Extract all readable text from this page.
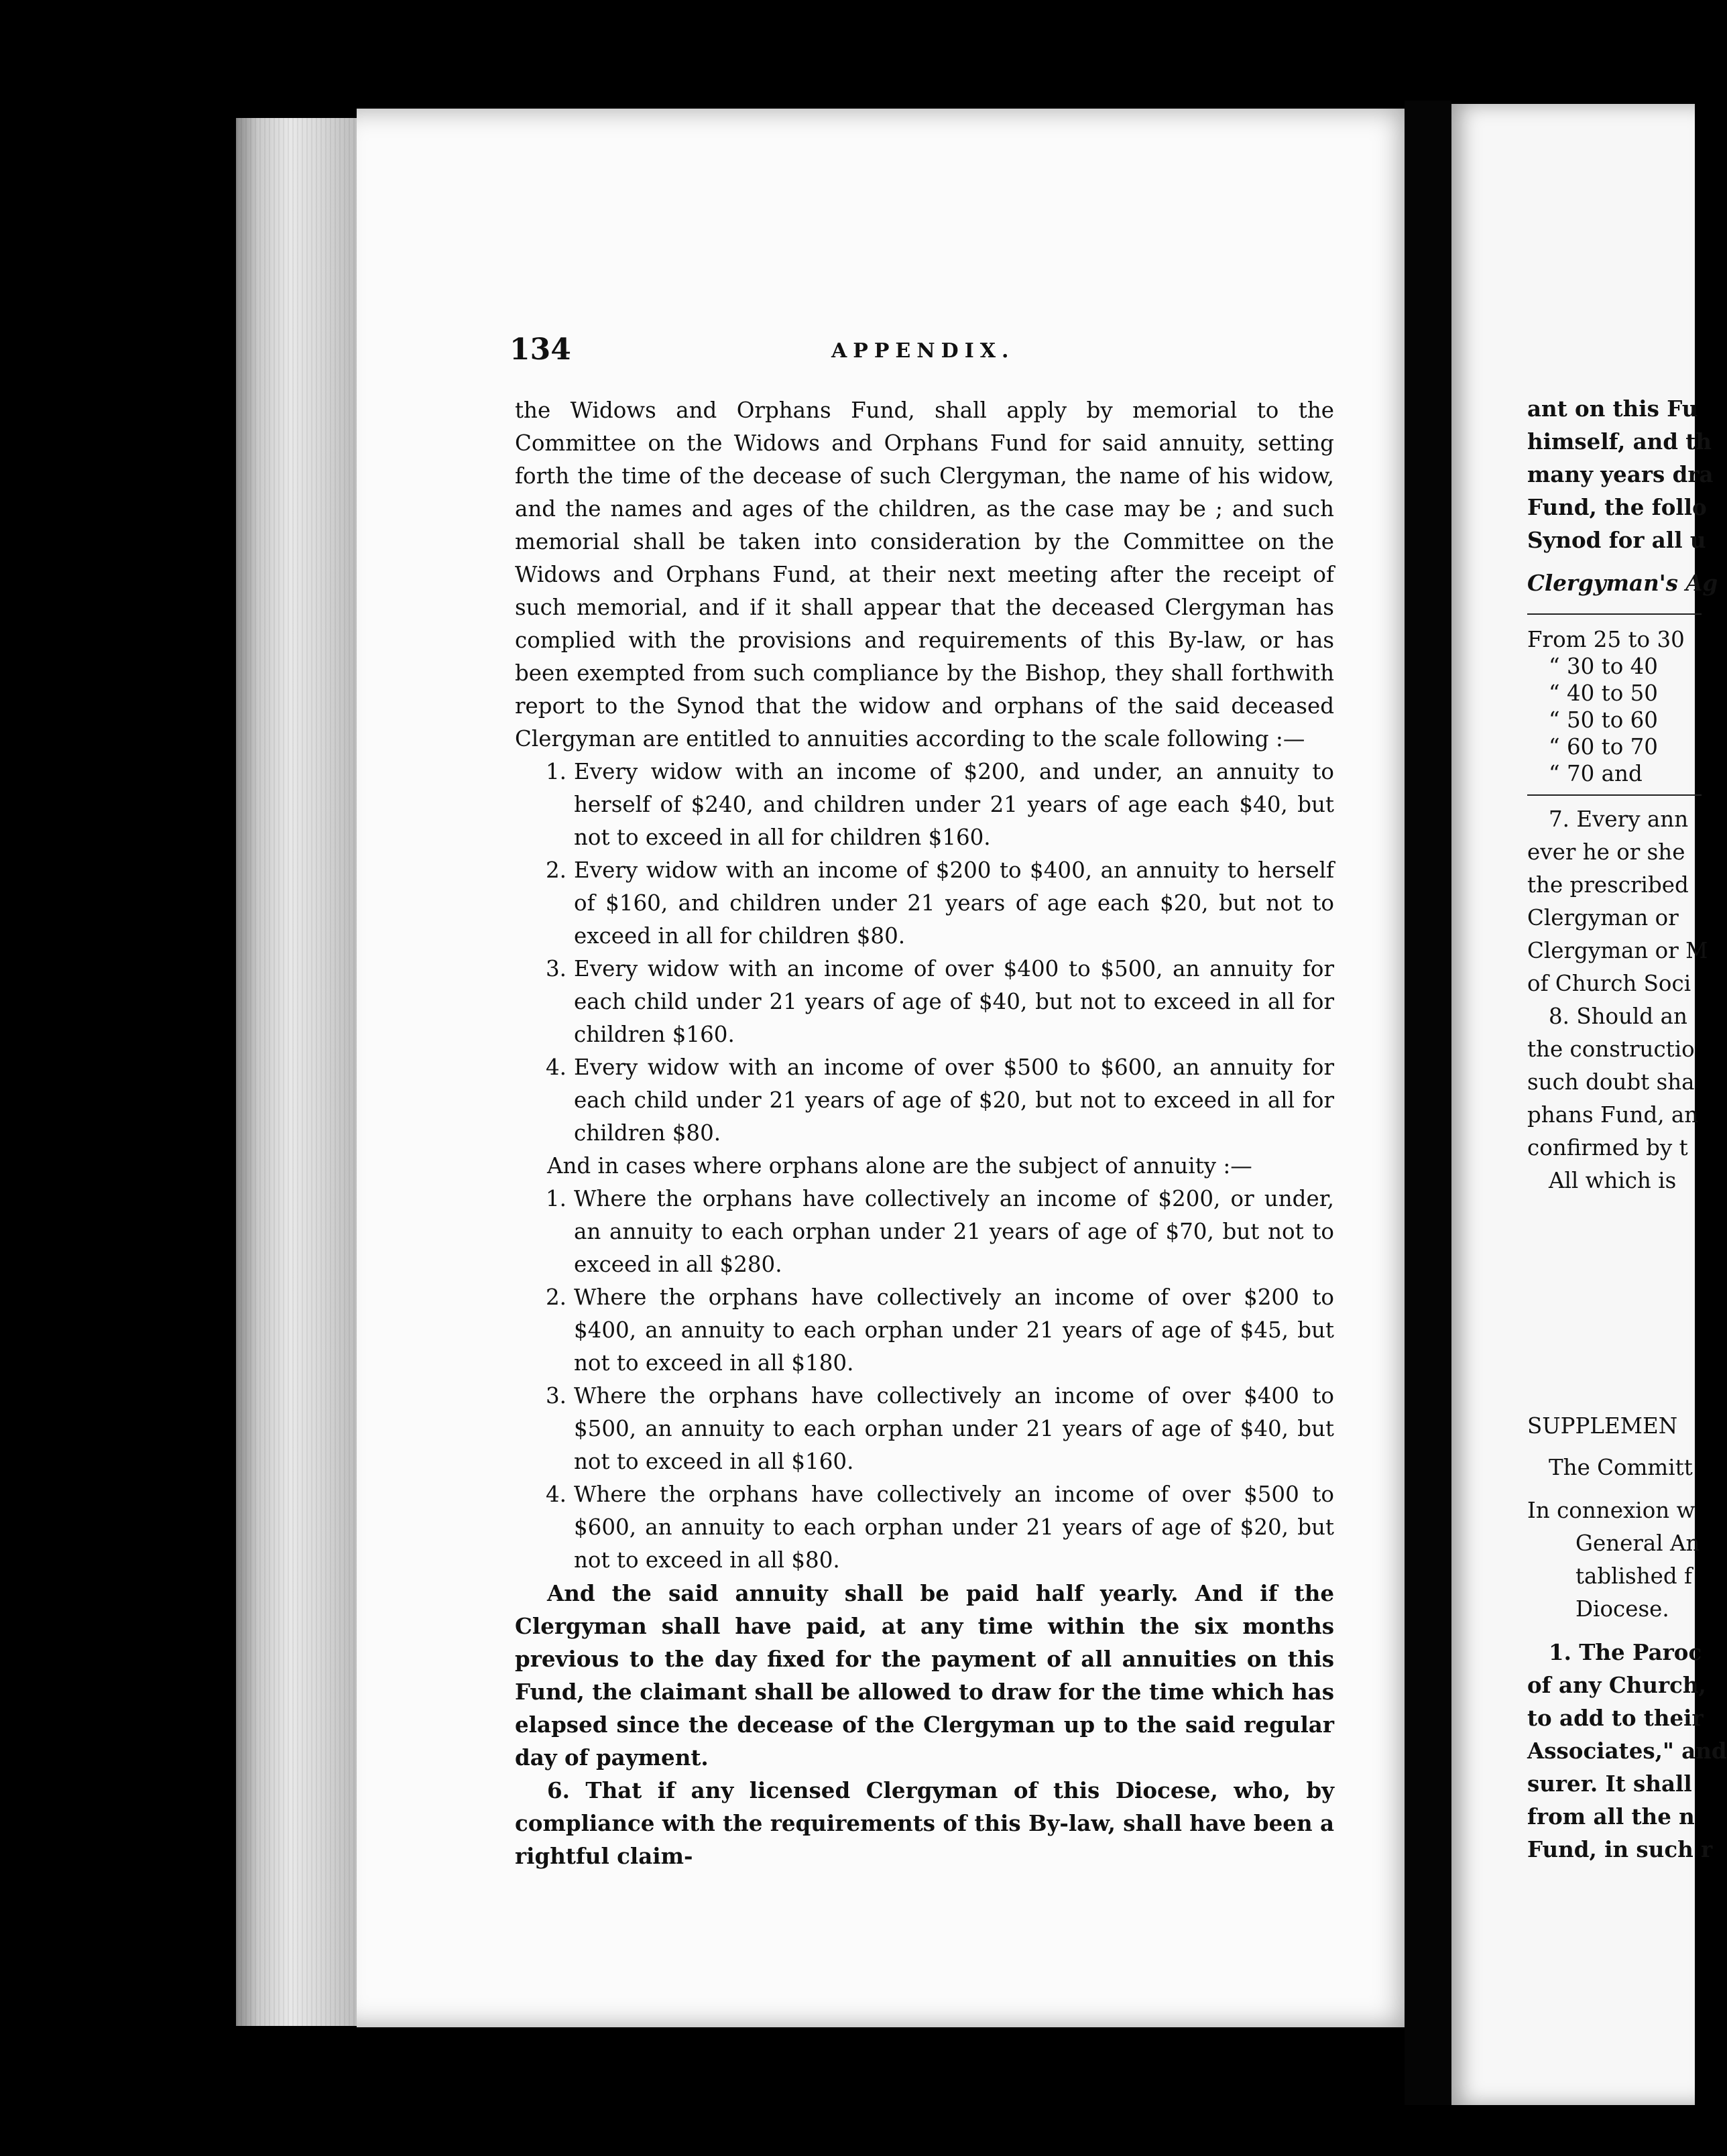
134	APPENDIX.

the Widows and Orphans Fund, shall apply by memorial to the Committee on the Widows and Orphans Fund for said annuity, setting forth the time of the decease of such Clergyman, the name of his widow, and the names and ages of the children, as the case may be ; and such memorial shall be taken into consideration by the Committee on the Widows and Orphans Fund, at their next meeting after the receipt of such memorial, and if it shall appear that the deceased Clergyman has complied with the provisions and requirements of this By-law, or has been exempted from such compliance by the Bishop, they shall forthwith report to the Synod that the widow and orphans of the said deceased Clergyman are entitled to annuities according to the scale following :—

1. Every widow with an income of $200, and under, an annuity to herself of $240, and children under 21 years of age each $40, but not to exceed in all for children $160.
2. Every widow with an income of $200 to $400, an annuity to herself of $160, and children under 21 years of age each $20, but not to exceed in all for children $80.
3. Every widow with an income of over $400 to $500, an annuity for each child under 21 years of age of $40, but not to exceed in all for children $160.
4. Every widow with an income of over $500 to $600, an annuity for each child under 21 years of age of $20, but not to exceed in all for children $80.

And in cases where orphans alone are the subject of annuity :—

1. Where the orphans have collectively an income of $200, or under, an annuity to each orphan under 21 years of age of $70, but not to exceed in all $280.
2. Where the orphans have collectively an income of over $200 to $400, an annuity to each orphan under 21 years of age of $45, but not to exceed in all $180.
3. Where the orphans have collectively an income of over $400 to $500, an annuity to each orphan under 21 years of age of $40, but not to exceed in all $160.
4. Where the orphans have collectively an income of over $500 to $600, an annuity to each orphan under 21 years of age of $20, but not to exceed in all $80.

And the said annuity shall be paid half yearly. And if the Clergyman shall have paid, at any time within the six months previous to the day fixed for the payment of all annuities on this Fund, the claimant shall be allowed to draw for the time which has elapsed since the decease of the Clergyman up to the said regular day of payment.

6. That if any licensed Clergyman of this Diocese, who, by compliance with the requirements of this By-law, shall have been a rightful claim-

ant on this Fu
himself, and th
many years dra
Fund, the follo
Synod for all u
Clergyman's Ag
From 25 to 30
“ 30 to 40
“ 40 to 50
“ 50 to 60
“ 60 to 70
“ 70 and
7. Every ann
ever he or she
the prescribed
Clergyman or
Clergyman or M
of Church Soci
8. Should an
the constructio
such doubt sha
phans Fund, an
confirmed by t
All which is
SUPPLEMEN
The Committ
In connexion w
General An
tablished f
Diocese.
1. The Paroc
of any Church,
to add to their
Associates," and
surer. It shall
from all the n
Fund, in such r
